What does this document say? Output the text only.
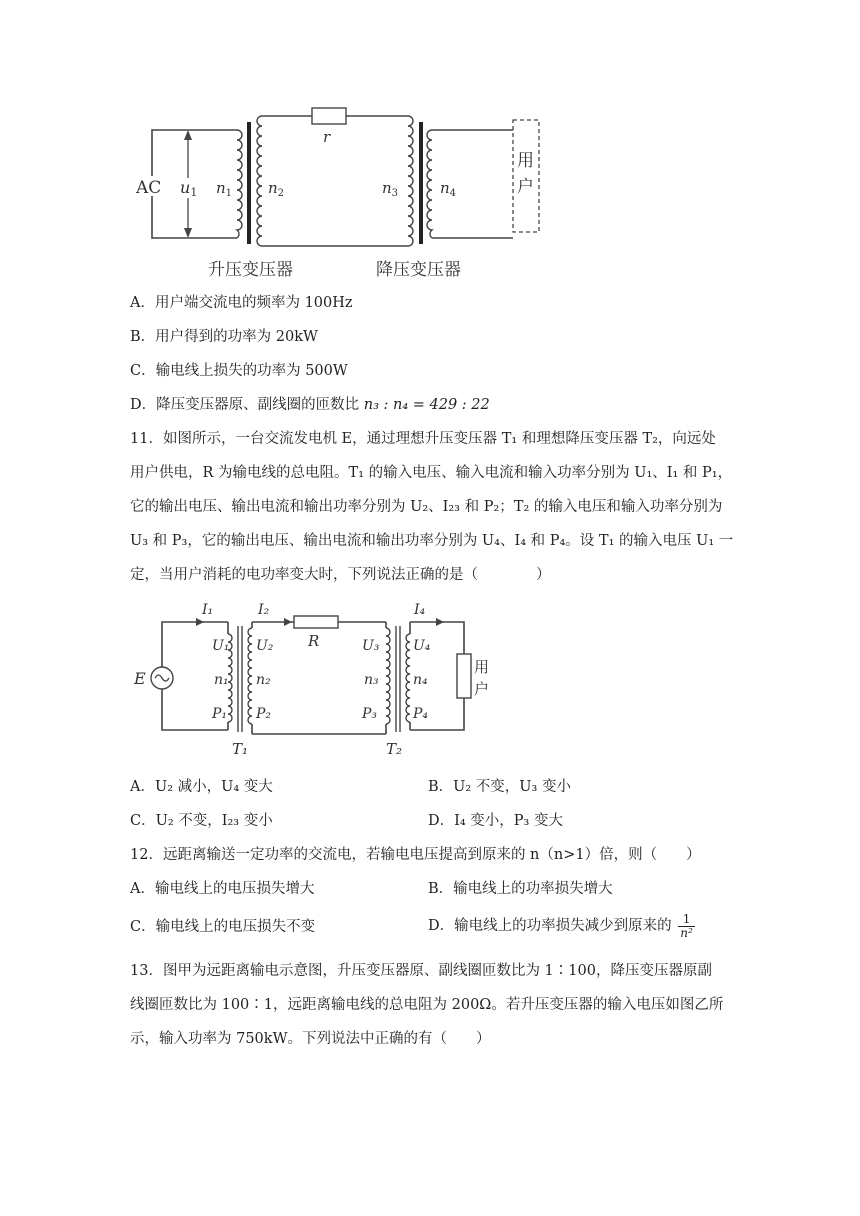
AC u1 $n_1$ $n_2$
r
$n_3$	$n_4$
用
户
升压变压器	降压变压器
A．用户端交流电的频率为 100Hz
B．用户得到的功率为 20kW
C．输电线上损失的功率为 500W
D．降压变压器原、副线圈的匝数比 n₃ : n₄ = 429 : 22
11．如图所示，一台交流发电机 E，通过理想升压变压器 T₁ 和理想降压变压器 T₂，向远处
用户供电，R 为输电线的总电阻。T₁ 的输入电压、输入电流和输入功率分别为 U₁、I₁ 和 P₁，
它的输出电压、输出电流和输出功率分别为 U₂、I₂₃ 和 P₂；T₂ 的输入电压和输入功率分别为
U₃ 和 P₃，它的输出电压、输出电流和输出功率分别为 U₄、I₄ 和 P₄。设 T₁ 的输入电压 U₁ 一
定，当用户消耗的电功率变大时，下列说法正确的是（　　　　）
E
I₁
U₁
n₁
P₁
U₂
n₂
P₂
T₁
I₂
R	U₃
n₃
P₃
U₄
n₄
P₄
T₂
I₄
用
户
A．U₂ 减小，U₄ 变大	B．U₂ 不变，U₃ 变小
C．U₂ 不变，I₂₃ 变小	D．I₄ 变小，P₃ 变大
12．远距离输送一定功率的交流电，若输电电压提高到原来的 n（n>1）倍，则（　　）
A．输电线上的电压损失增大	B．输电线上的功率损失增大
C．输电线上的电压损失不变	D．输电线上的功率损失减少到原来的 $\frac{1}{\text{n²}}$
13．图甲为远距离输电示意图，升压变压器原、副线圈匝数比为 1∶100，降压变压器原副
线圈匝数比为 100∶1，远距离输电线的总电阻为 200Ω。若升压变压器的输入电压如图乙所
示，输入功率为 750kW。下列说法中正确的有（　　）
